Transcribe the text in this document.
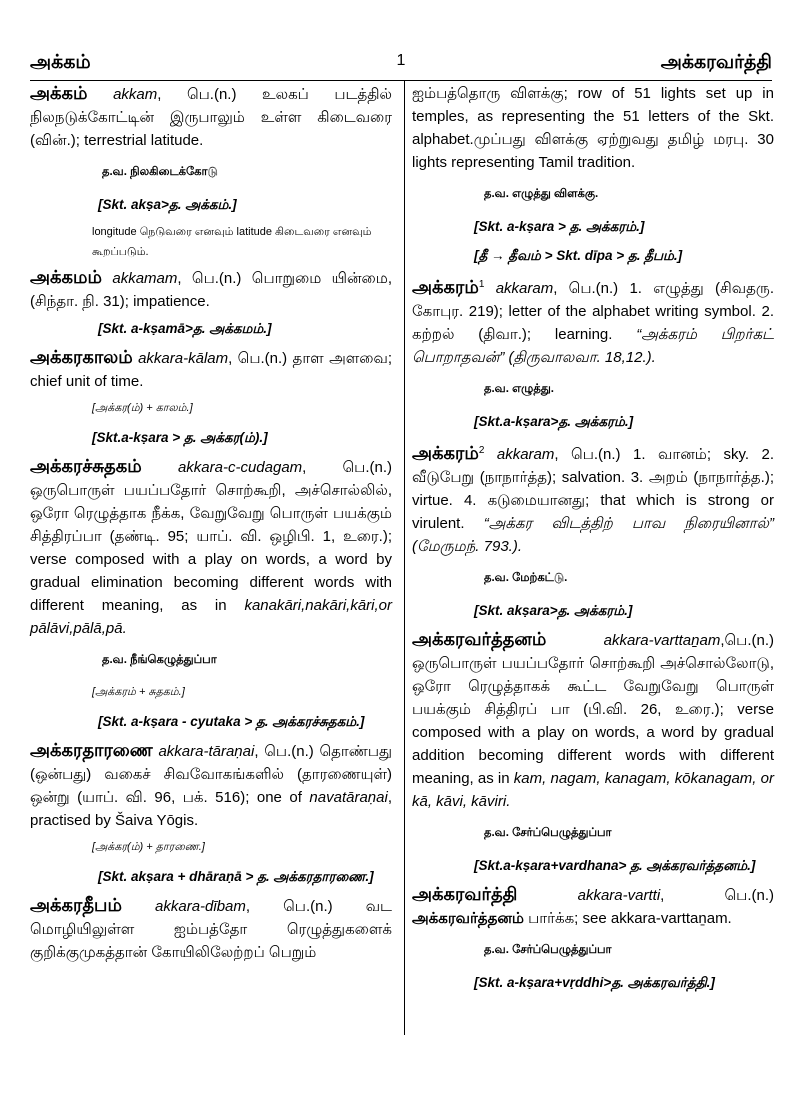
அக்கம்	1	அக்கரவர்த்தி
அக்கம் akkam, பெ.(n.) உலகப் படத்தில் நிலநடுக்கோட்டின் இருபாலும் உள்ள கிடைவரை (வின்.); terrestrial latitude.
த.வ. நிலகிடைக்கோடு
[Skt. akṣa>த. அக்கம்.]
longitude நெடுவரை எனவும் latitude கிடைவரை எனவும் கூறப்படும்.
அக்கமம் akkamam, பெ.(n.) பொறுமை யின்மை, (சிந்தா. நி. 31); impatience.
[Skt. a-kṣamā>த. அக்கமம்.]
அக்கரகாலம் akkara-kālam, பெ.(n.) தாள அளவை; chief unit of time.
[அக்கர(ம்) + காலம்.]
[Skt.a-kṣara > த. அக்கர(ம்).]
அக்கரச்சுதகம் akkara-c-cudagam, பெ.(n.) ஒருபொருள் பயப்பதோர் சொற்கூறி, அச்சொல்லில், ஒரோ ரெழுத்தாக நீக்க, வேறுவேறு பொருள் பயக்கும் சித்திரப்பா (தண்டி. 95; யாப். வி. ஒழிபி. 1, உரை.); verse composed with a play on words, a word by gradual elimination becoming different words with different meaning, as in kanakāri,nakāri,kāri,or pālāvi,pālā,pā.
த.வ. நீங்கெழுத்துப்பா
[அக்கரம் + சுதகம்.]
[Skt. a-kṣara - cyutaka > த. அக்கரச்சுதகம்.]
அக்கரதாரணை akkara-tāraṇai, பெ.(n.) தொண்பது (ஒன்பது) வகைச் சிவவோகங்களில் (தாரணையுள்) ஒன்று (யாப். வி. 96, பக். 516); one of navatāraṇai, practised by Šaiva Yōgis.
[அக்கர(ம்) + தாரணை.]
[Skt. akṣara + dhāraṇā > த. அக்கரதாரணை.]
அக்கரதீபம் akkara-dībam, பெ.(n.) வட மொழியிலுள்ள ஐம்பத்தோ ரெழுத்துகளைக் குறிக்குமுகத்தான் கோயிலிலேற்றப் பெறும்
ஐம்பத்தொரு விளக்கு; row of 51 lights set up in temples, as representing the 51 letters of the Skt. alphabet.முப்பது விளக்கு ஏற்றுவது தமிழ் மரபு. 30 lights representing Tamil tradition.
த.வ. எழுத்து விளக்கு.
[Skt. a-kṣara > த. அக்கரம்.]
[தீ → தீவம் > Skt. dīpa > த. தீபம்.]
அக்கரம்$^1$ akkaram, பெ.(n.) 1. எழுத்து (சிவதரு. கோபுர. 219); letter of the alphabet writing symbol. 2. கற்றல் (திவா.); learning. “அக்கரம் பிறர்கட் பொறாதவன்” (திருவாலவா. 18,12.).
த.வ. எழுத்து.
[Skt.a-kṣara>த. அக்கரம்.]
அக்கரம்$^2$ akkaram, பெ.(n.) 1. வானம்; sky. 2. வீடுபேறு (நாநார்த்த); salvation. 3. அறம் (நாநார்த்த.); virtue. 4. கடுமையானது; that which is strong or virulent. “அக்கர விடத்திற் பாவ நிரையினால்” (மேருமந். 793.).
த.வ. மேற்கட்டு.
[Skt. akṣara>த. அக்கரம்.]
அக்கரவர்த்தனம்	akkara-varttaṉam,பெ.(n.) ஒருபொருள் பயப்பதோர் சொற்கூறி அச்சொல்லோடு, ஒரோ ரெழுத்தாகக் கூட்ட வேறுவேறு பொருள் பயக்கும் சித்திரப் பா (பி.வி. 26, உரை.); verse composed with a play on words, a word by gradual addition becoming different words with different meaning, as in kam, nagam, kanagam, kōkanagam, or kā, kāvi, kāviri.
த.வ. சேர்ப்பெழுத்துப்பா
[Skt.a-kṣara+vardhana> த. அக்கரவர்த்தனம்.]
அக்கரவர்த்தி	akkara-vartti, பெ.(n.) அக்கரவர்த்தனம் பார்க்க; see akkara-varttaṉam.
த.வ. சேர்ப்பெழுத்துப்பா
[Skt. a-kṣara+vṛddhi>த. அக்கரவர்த்தி.]
